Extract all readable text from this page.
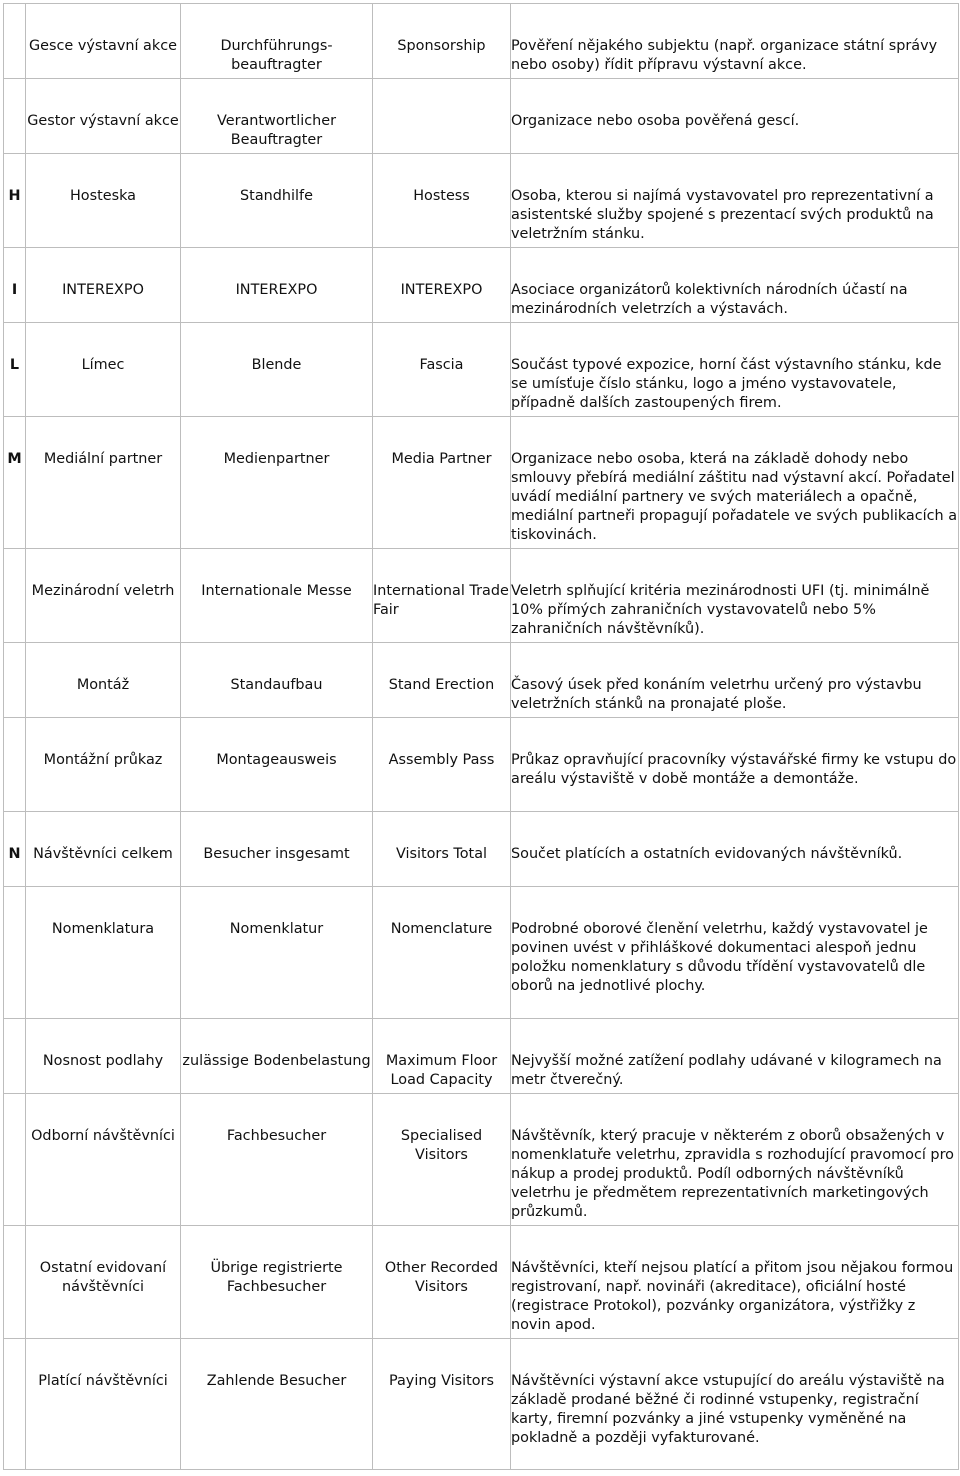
	Gesce výstavní akce	Durchführungs-beauftragter	Sponsorship	Pověření nějakého subjektu (např. organizace státní správy nebo osoby) řídit přípravu výstavní akce.
	Gestor výstavní akce	Verantwortlicher Beauftragter		Organizace nebo osoba pověřená gescí.
H	Hosteska	Standhilfe	Hostess	Osoba, kterou si najímá vystavovatel pro reprezentativní a asistentské služby spojené s prezentací svých produktů na veletržním stánku.
I	INTEREXPO	INTEREXPO	INTEREXPO	Asociace organizátorů kolektivních národních účastí na mezinárodních veletrzích a výstavách.
L	Límec	Blende	Fascia	Součást typové expozice, horní část výstavního stánku, kde se umísťuje číslo stánku, logo a jméno vystavovatele, případně dalších zastoupených firem.
M	Mediální partner	Medienpartner	Media Partner	Organizace nebo osoba, která na základě dohody nebo smlouvy přebírá mediální záštitu nad výstavní akcí. Pořadatel uvádí mediální partnery ve svých materiálech a opačně, mediální partneři propagují pořadatele ve svých publikacích a tiskovinách.
	Mezinárodní veletrh	Internationale Messe	International Trade Fair	Veletrh splňující kritéria mezinárodnosti UFI (tj. minimálně 10% přímých zahraničních vystavovatelů nebo 5% zahraničních návštěvníků).
	Montáž	Standaufbau	Stand Erection	Časový úsek před konáním veletrhu určený pro výstavbu veletržních stánků na pronajaté ploše.
	Montážní průkaz	Montageausweis	Assembly Pass	Průkaz opravňující pracovníky výstavářské firmy ke vstupu do areálu výstaviště v době montáže a demontáže.
N	Návštěvníci celkem	Besucher insgesamt	Visitors Total	Součet platících a ostatních evidovaných návštěvníků.
	Nomenklatura	Nomenklatur	Nomenclature	Podrobné oborové členění veletrhu, každý vystavovatel je povinen uvést v přihláškové dokumentaci alespoň jednu položku nomenklatury s důvodu třídění vystavovatelů dle oborů na jednotlivé plochy.
	Nosnost podlahy	zulässige Bodenbelastung	Maximum Floor Load Capacity	Nejvyšší možné zatížení podlahy udávané v kilogramech na metr čtverečný.
	Odborní návštěvníci	Fachbesucher	Specialised Visitors	Návštěvník, který pracuje v některém z oborů obsažených v nomenklatuře veletrhu, zpravidla s rozhodující pravomocí pro nákup a prodej produktů. Podíl odborných návštěvníků veletrhu je předmětem reprezentativních marketingových průzkumů.
	Ostatní evidovaní návštěvníci	Übrige registrierte Fachbesucher	Other Recorded Visitors	Návštěvníci, kteří nejsou platící a přitom jsou nějakou formou registrovaní, např. novináři (akreditace), oficiální hosté (registrace Protokol), pozvánky organizátora, výstřižky z novin apod.
	Platící návštěvníci	Zahlende Besucher	Paying Visitors	Návštěvníci výstavní akce vstupující do areálu výstaviště na základě prodané běžné či rodinné vstupenky, registrační karty, firemní pozvánky a jiné vstupenky vyměněné na pokladně a později vyfakturované.
